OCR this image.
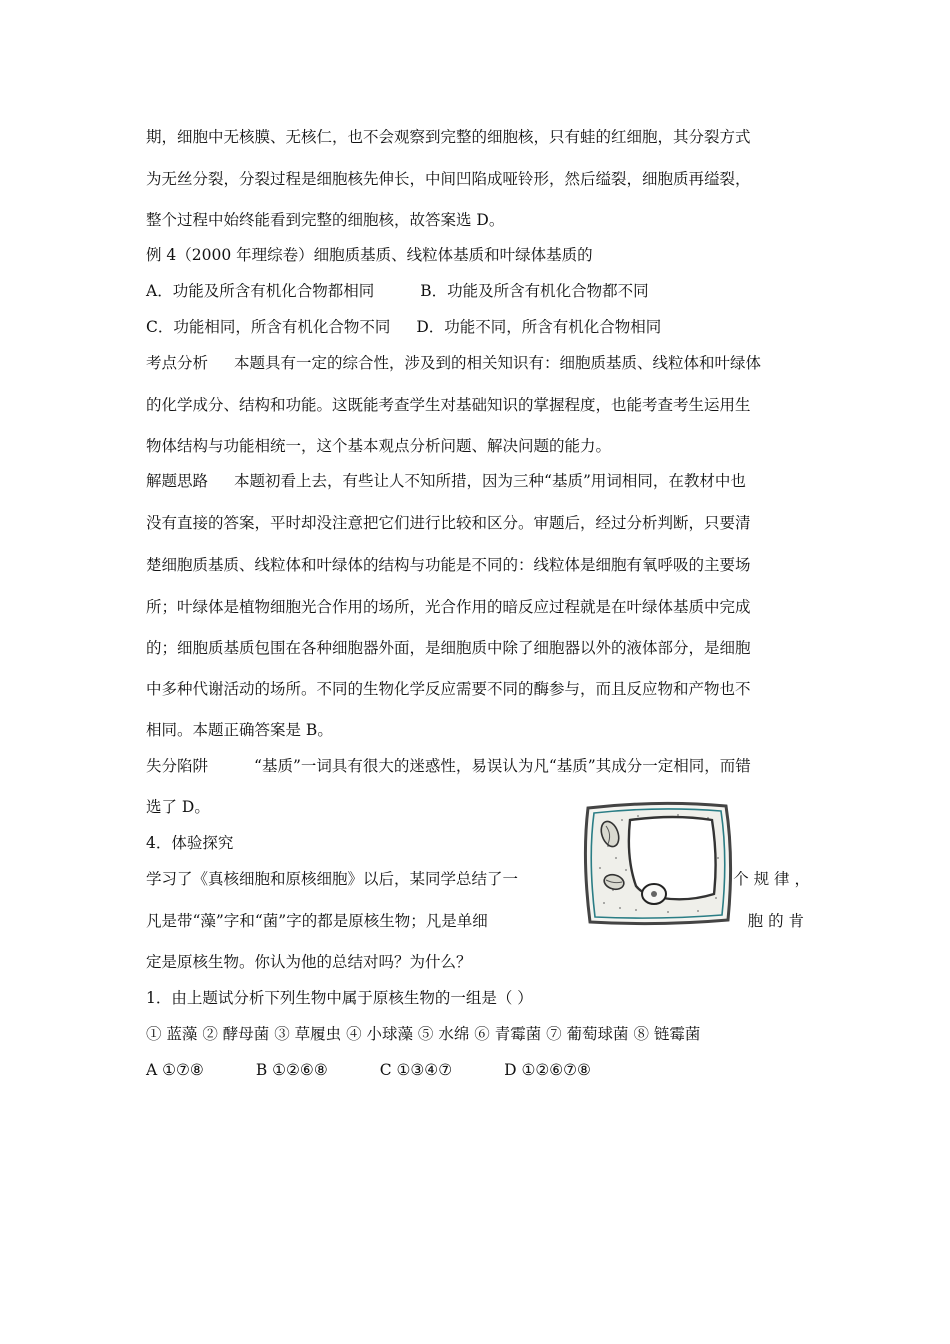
期，细胞中无核膜、无核仁，也不会观察到完整的细胞核，只有蛙的红细胞，其分裂方式
为无丝分裂，分裂过程是细胞核先伸长，中间凹陷成哑铃形，然后缢裂，细胞质再缢裂，
整个过程中始终能看到完整的细胞核，故答案选 D。
例 4（2000 年理综卷）细胞质基质、线粒体基质和叶绿体基质的
A．功能及所含有机化合物都相同	B．功能及所含有机化合物都不同
C．功能相同，所含有机化合物不同 D．功能不同，所含有机化合物相同
考点分析 本题具有一定的综合性，涉及到的相关知识有：细胞质基质、线粒体和叶绿体
的化学成分、结构和功能。这既能考查学生对基础知识的掌握程度，也能考查考生运用生
物体结构与功能相统一，这个基本观点分析问题、解决问题的能力。
解题思路 本题初看上去，有些让人不知所措，因为三种“基质”用词相同，在教材中也
没有直接的答案，平时却没注意把它们进行比较和区分。审题后，经过分析判断，只要清
楚细胞质基质、线粒体和叶绿体的结构与功能是不同的：线粒体是细胞有氧呼吸的主要场
所；叶绿体是植物细胞光合作用的场所，光合作用的暗反应过程就是在叶绿体基质中完成
的；细胞质基质包围在各种细胞器外面，是细胞质中除了细胞器以外的液体部分，是细胞
中多种代谢活动的场所。不同的生物化学反应需要不同的酶参与，而且反应物和产物也不
相同。本题正确答案是 B。
失分陷阱	“基质”一词具有很大的迷惑性，易误认为凡“基质”其成分一定相同，而错
选了 D。
4．体验探究
学习了《真核细胞和原核细胞》以后，某同学总结了一	个 规 律 ，
凡是带“藻”字和“菌”字的都是原核生物；凡是单细	胞 的 肯
定是原核生物。你认为他的总结对吗？为什么？
1．由上题试分析下列生物中属于原核生物的一组是（ ）
① 蓝藻 ② 酵母菌 ③ 草履虫 ④ 小球藻 ⑤ 水绵 ⑥ 青霉菌 ⑦ 葡萄球菌 ⑧ 链霉菌
A ①⑦⑧	B ①②⑥⑧	C ①③④⑦	D ①②⑥⑦⑧
